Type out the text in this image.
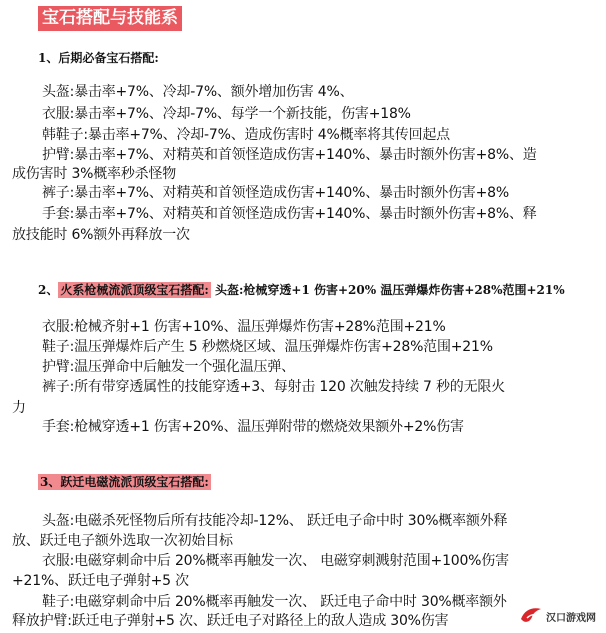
宝石搭配与技能系
1、后期必备宝石搭配:
头盔:暴击率+7%、冷却-7%、额外增加伤害 4%、
衣服:暴击率+7%、冷却-7%、每学一个新技能，伤害+18%
韩鞋子:暴击率+7%、冷却-7%、造成伤害时 4%概率将其传回起点
护臂:暴击率+7%、对精英和首领怪造成伤害+140%、暴击时额外伤害+8%、造
成伤害时 3%概率秒杀怪物
裤子:暴击率+7%、对精英和首领怪造成伤害+140%、暴击时额外伤害+8%
手套:暴击率+7%、对精英和首领怪造成伤害+140%、暴击时额外伤害+8%、释
放技能时 6%额外再释放一次
2、 火系枪械流派顶级宝石搭配: 头盔:枪械穿透+1 伤害+20% 温压弹爆炸伤害+28%范围+21%
衣服:枪械齐射+1 伤害+10%、温压弹爆炸伤害+28%范围+21%
鞋子:温压弹爆炸后产生 5 秒燃烧区域、温压弹爆炸伤害+28%范围+21%
护臂:温压弹命中后触发一个强化温压弹、
裤子:所有带穿透属性的技能穿透+3、每射击 120 次触发持续 7 秒的无限火
力
手套:枪械穿透+1 伤害+20%、温压弹附带的燃烧效果额外+2%伤害
3、跃迁电磁流派顶级宝石搭配:
头盔:电磁杀死怪物后所有技能冷却-12%、 跃迁电子命中时 30%概率额外释
放、跃迁电子额外选取一次初始目标
衣服:电磁穿刺命中后 20%概率再触发一次、 电磁穿刺溅射范围+100%伤害
+21%、跃迁电子弹射+5 次
鞋子:电磁穿刺命中后 20%概率再触发一次、 跃迁电子命中时 30%概率额外
释放护臂:跃迁电子弹射+5 次、跃迁电子对路径上的敌人造成 30%伤害	汉口游戏网
